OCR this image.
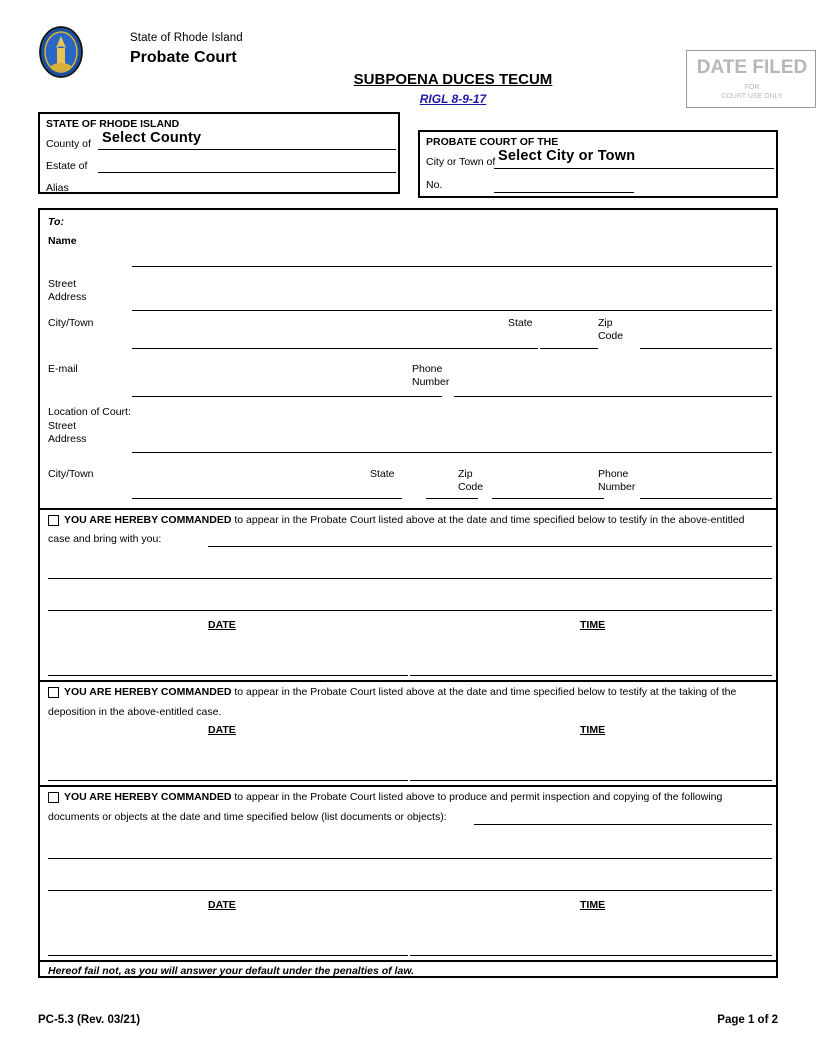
State of Rhode Island
Probate Court
SUBPOENA DUCES TECUM
RIGL 8-9-17
DATE FILED
FOR
COURT USE ONLY
STATE OF RHODE ISLAND
County of Select County
Estate of
Alias
PROBATE COURT OF THE
City or Town of Select City or Town
No.
To:
Name
Street
Address
City/Town	State	Zip
Code
E-mail	Phone
Number
Location of Court:
Street
Address
City/Town	State	Zip
Code
Phone
Number
YOU ARE HEREBY COMMANDED to appear in the Probate Court listed above at the date and time specified below to testify in the above-entitled
case and bring with you:
DATE	TIME
YOU ARE HEREBY COMMANDED to appear in the Probate Court listed above at the date and time specified below to testify at the taking of the
deposition in the above-entitled case.
DATE	TIME
YOU ARE HEREBY COMMANDED to appear in the Probate Court listed above to produce and permit inspection and copying of the following
documents or objects at the date and time specified below (list documents or objects):
DATE	TIME
Hereof fail not, as you will answer your default under the penalties of law.
PC-5.3 (Rev. 03/21)	Page 1 of 2
